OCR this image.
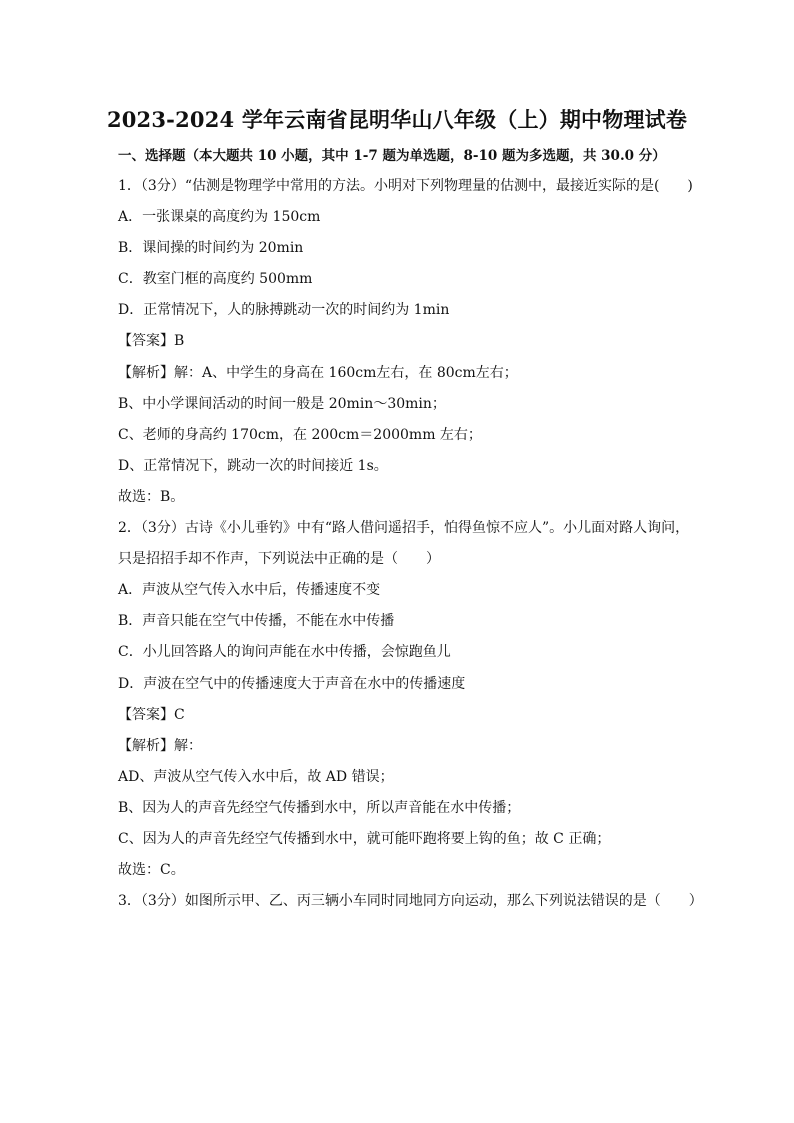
2023-2024 学年云南省昆明华山八年级（上）期中物理试卷
一、选择题（本大题共 10 小题，其中 1-7 题为单选题，8-10 题为多选题，共 30.0 分）
1．（3分）“估测是物理学中常用的方法。小明对下列物理量的估测中，最接近实际的是(　　)
A．一张课桌的高度约为 150cm
B．课间操的时间约为 20min
C．教室门框的高度约 500mm
D．正常情况下，人的脉搏跳动一次的时间约为 1min
【答案】B
【解析】解：A、中学生的身高在 160cm左右，在 80cm左右；
B、中小学课间活动的时间一般是 20min～30min；
C、老师的身高约 170cm，在 200cm＝2000mm 左右；
D、正常情况下，跳动一次的时间接近 1s。
故选：B。
2．（3分）古诗《小儿垂钓》中有“路人借问遥招手，怕得鱼惊不应人”。小儿面对路人询问，
只是招招手却不作声，下列说法中正确的是（　　）
A．声波从空气传入水中后，传播速度不变
B．声音只能在空气中传播，不能在水中传播
C．小儿回答路人的询问声能在水中传播，会惊跑鱼儿
D．声波在空气中的传播速度大于声音在水中的传播速度
【答案】C
【解析】解：
AD、声波从空气传入水中后，故 AD 错误；
B、因为人的声音先经空气传播到水中，所以声音能在水中传播；
C、因为人的声音先经空气传播到水中，就可能吓跑将要上钩的鱼；故 C 正确；
故选：C。
3．（3分）如图所示甲、乙、丙三辆小车同时同地同方向运动，那么下列说法错误的是（　　）
